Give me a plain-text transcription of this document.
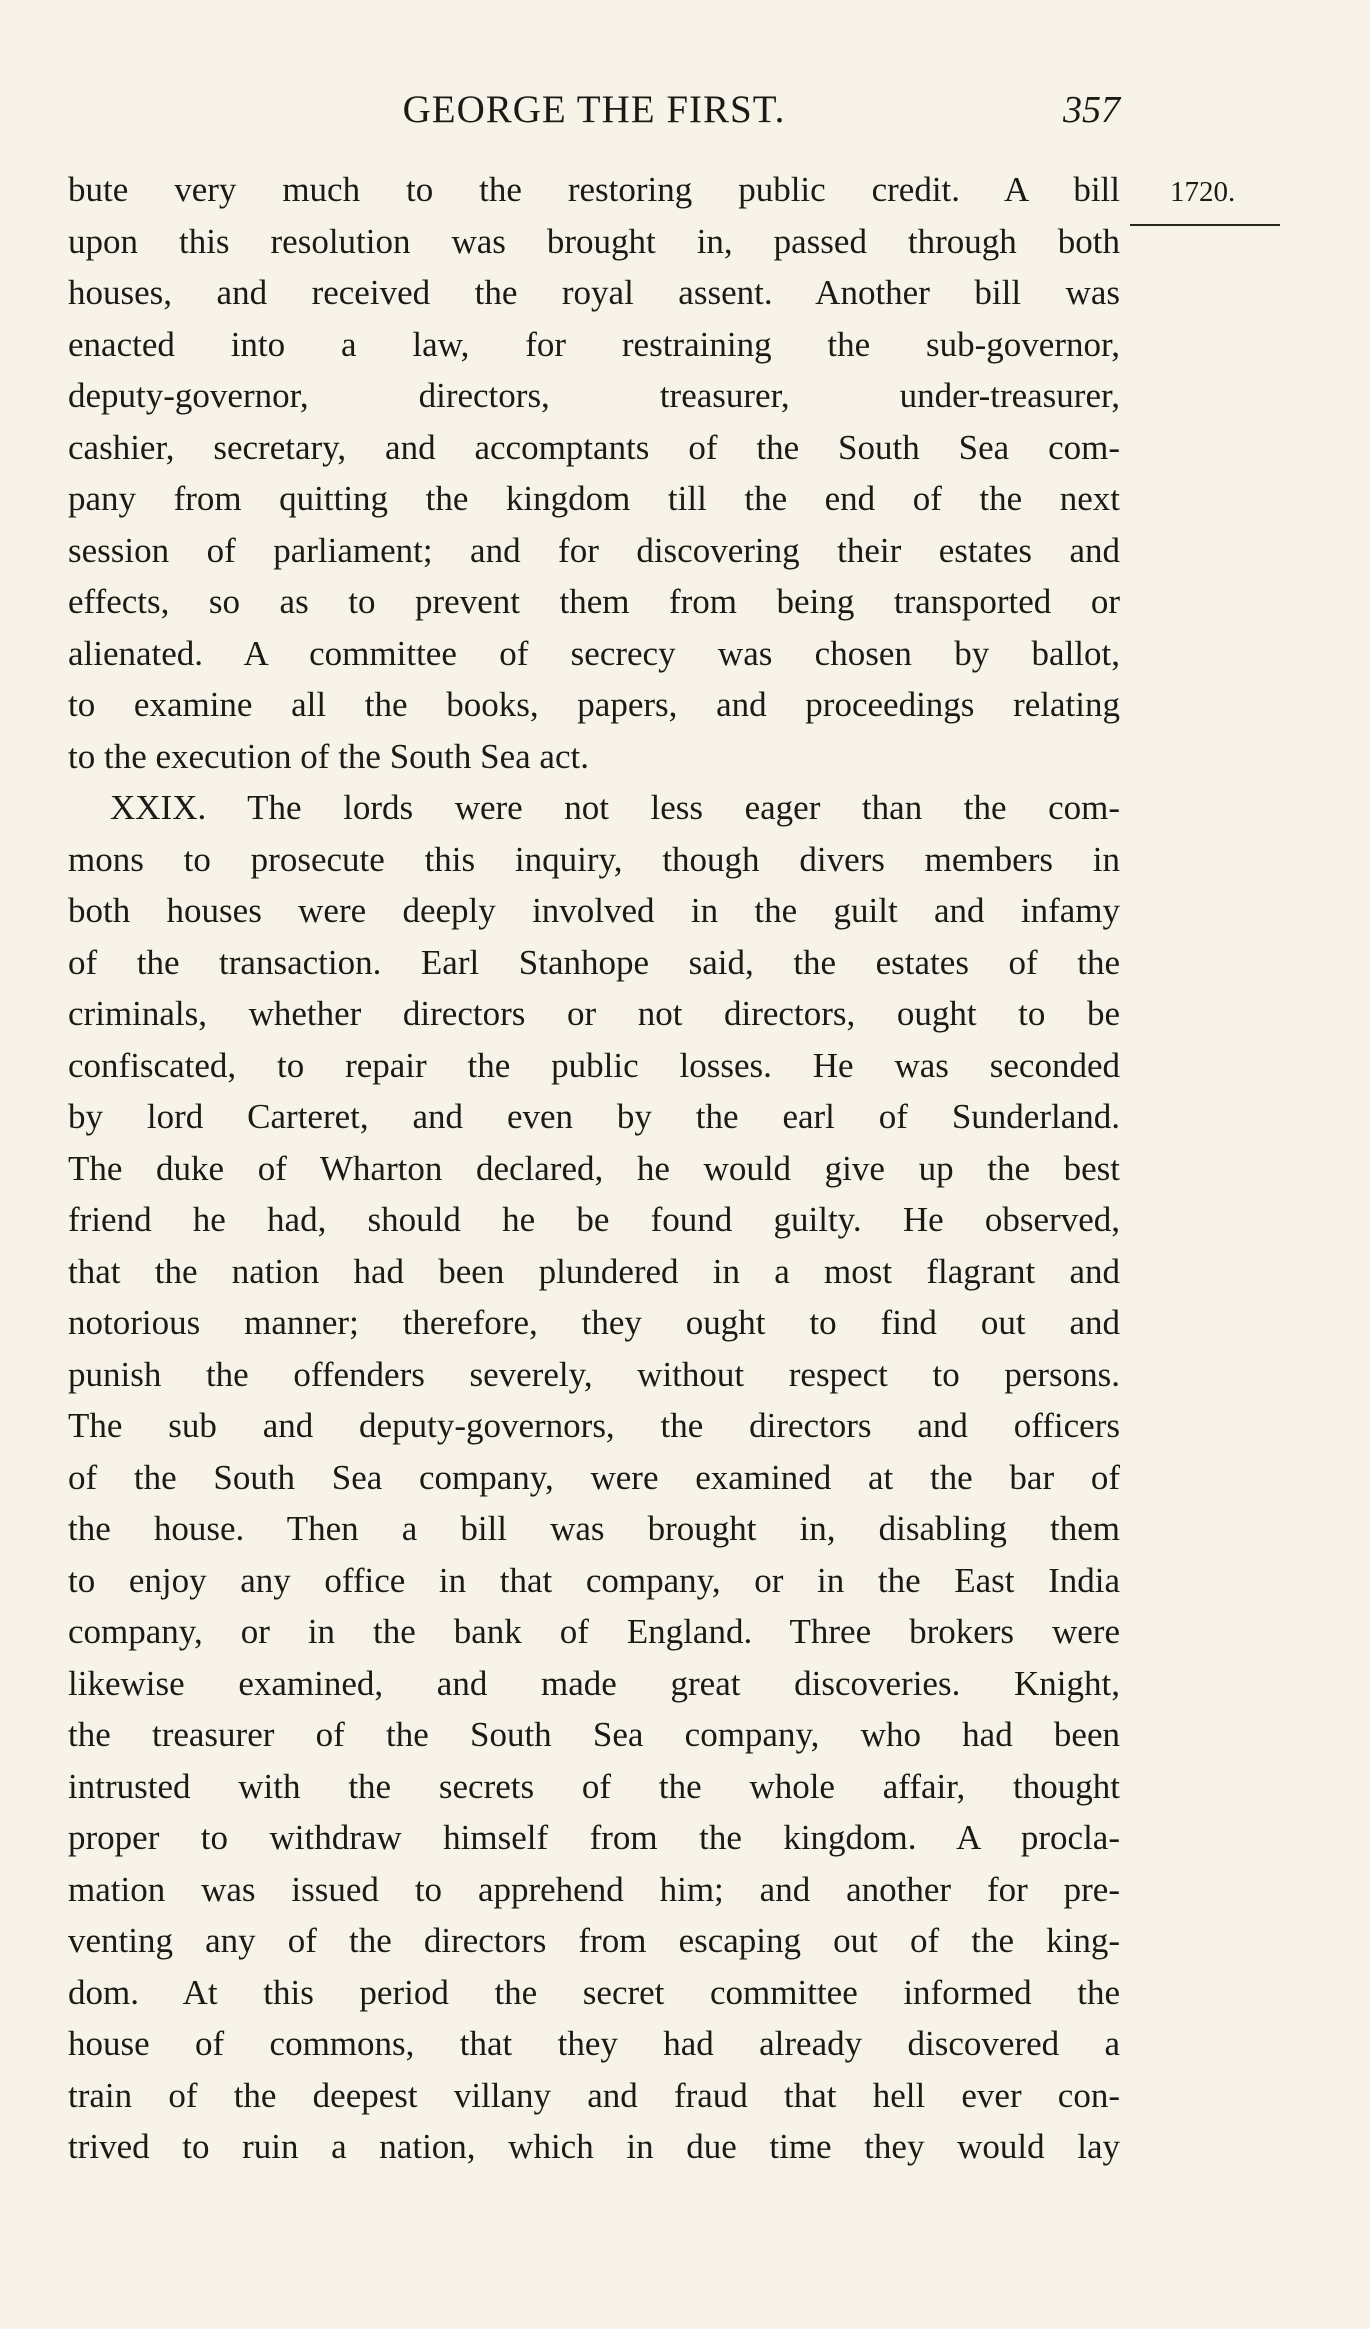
GEORGE THE FIRST.	357
1720.
bute very much to the restoring public credit. A bill
upon this resolution was brought in, passed through both
houses, and received the royal assent. Another bill was
enacted into a law, for restraining the sub-governor,
deputy-governor, directors, treasurer, under-treasurer,
cashier, secretary, and accomptants of the South Sea com-
pany from quitting the kingdom till the end of the next
session of parliament; and for discovering their estates and
effects, so as to prevent them from being transported or
alienated. A committee of secrecy was chosen by ballot,
to examine all the books, papers, and proceedings relating
to the execution of the South Sea act.
XXIX. The lords were not less eager than the com-
mons to prosecute this inquiry, though divers members in
both houses were deeply involved in the guilt and infamy
of the transaction. Earl Stanhope said, the estates of the
criminals, whether directors or not directors, ought to be
confiscated, to repair the public losses. He was seconded
by lord Carteret, and even by the earl of Sunderland.
The duke of Wharton declared, he would give up the best
friend he had, should he be found guilty. He observed,
that the nation had been plundered in a most flagrant and
notorious manner; therefore, they ought to find out and
punish the offenders severely, without respect to persons.
The sub and deputy-governors, the directors and officers
of the South Sea company, were examined at the bar of
the house. Then a bill was brought in, disabling them
to enjoy any office in that company, or in the East India
company, or in the bank of England. Three brokers were
likewise examined, and made great discoveries. Knight,
the treasurer of the South Sea company, who had been
intrusted with the secrets of the whole affair, thought
proper to withdraw himself from the kingdom. A procla-
mation was issued to apprehend him; and another for pre-
venting any of the directors from escaping out of the king-
dom. At this period the secret committee informed the
house of commons, that they had already discovered a
train of the deepest villany and fraud that hell ever con-
trived to ruin a nation, which in due time they would lay
